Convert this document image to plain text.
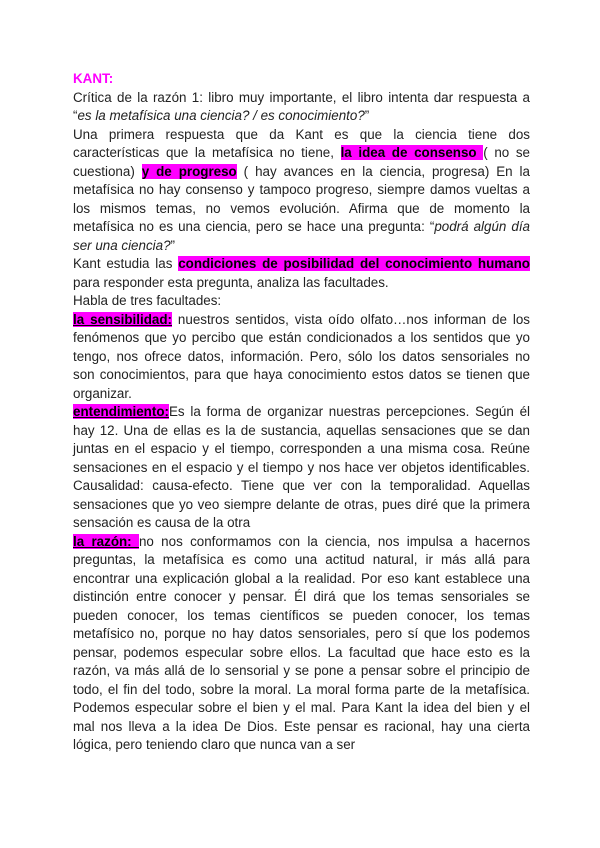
KANT:

Crítica de la razón 1: libro muy importante, el libro intenta dar respuesta a “es la metafísica una ciencia? / es conocimiento?”

Una primera respuesta que da Kant es que la ciencia tiene dos características que la metafísica no tiene, la idea de consenso ( no se cuestiona) y de progreso ( hay avances en la ciencia, progresa) En la metafísica no hay consenso y tampoco progreso, siempre damos vueltas a los mismos temas, no vemos evolución. Afirma que de momento la metafísica no es una ciencia, pero se hace una pregunta: “podrá algún día ser una ciencia?”

Kant estudia las condiciones de posibilidad del conocimiento humano para responder esta pregunta, analiza las facultades.

Habla de tres facultades:

la sensibilidad: nuestros sentidos, vista oído olfato…nos informan de los fenómenos que yo percibo que están condicionados a los sentidos que yo tengo, nos ofrece datos, información. Pero, sólo los datos sensoriales no son conocimientos, para que haya conocimiento estos datos se tienen que organizar.

entendimiento:Es la forma de organizar nuestras percepciones. Según él hay 12. Una de ellas es la de sustancia, aquellas sensaciones que se dan juntas en el espacio y el tiempo, corresponden a una misma cosa. Reúne sensaciones en el espacio y el tiempo y nos hace ver objetos identificables. Causalidad: causa-efecto. Tiene que ver con la temporalidad. Aquellas sensaciones que yo veo siempre delante de otras, pues diré que la primera sensación es causa de la otra

la razón: no nos conformamos con la ciencia, nos impulsa a hacernos preguntas, la metafísica es como una actitud natural, ir más allá para encontrar una explicación global a la realidad. Por eso kant establece una distinción entre conocer y pensar. Él dirá que los temas sensoriales se pueden conocer, los temas científicos se pueden conocer, los temas metafísico no, porque no hay datos sensoriales, pero sí que los podemos pensar, podemos especular sobre ellos. La facultad que hace esto es la razón, va más allá de lo sensorial y se pone a pensar sobre el principio de todo, el fin del todo, sobre la moral. La moral forma parte de la metafísica. Podemos especular sobre el bien y el mal. Para Kant la idea del bien y el mal nos lleva a la idea De Dios. Este pensar es racional, hay una cierta lógica, pero teniendo claro que nunca van a ser
